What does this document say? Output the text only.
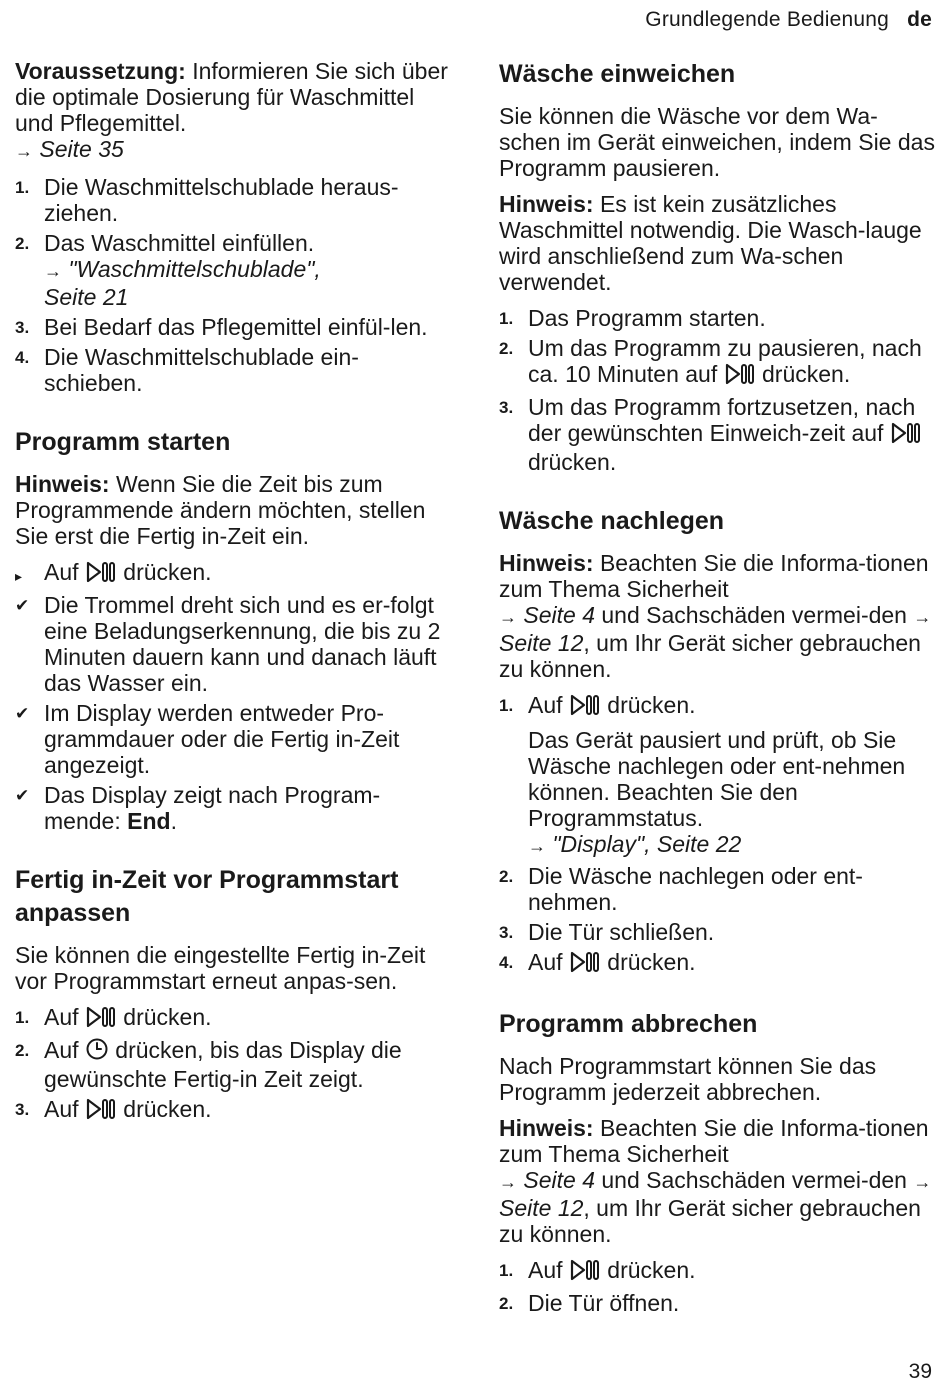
Grundlegende Bedienung de

Voraussetzung: Informieren Sie sich über die optimale Dosierung für Waschmittel und Pflegemittel.
→ Seite 35

1. Die Waschmittelschublade heraus-ziehen.
2. Das Waschmittel einfüllen.
→ "Waschmittelschublade",
Seite 21
3. Bei Bedarf das Pflegemittel einfül-len.
4. Die Waschmittelschublade ein-schieben.
Programm starten

Hinweis: Wenn Sie die Zeit bis zum Programmende ändern möchten, stellen Sie erst die Fertig in-Zeit ein.

▸ Auf  drücken.
✔ Die Trommel dreht sich und es er-folgt eine Beladungserkennung, die bis zu 2 Minuten dauern kann und danach läuft das Wasser ein.
✔ Im Display werden entweder Pro-grammdauer oder die Fertig in-Zeit angezeigt.
✔ Das Display zeigt nach Program-mende: End.
Fertig in-Zeit vor Programmstart anpassen

Sie können die eingestellte Fertig in-Zeit vor Programmstart erneut anpas-sen.

1. Auf  drücken.
2. Auf  drücken, bis das Display die gewünschte Fertig-in Zeit zeigt.
3. Auf  drücken.
Wäsche einweichen

Sie können die Wäsche vor dem Wa-schen im Gerät einweichen, indem Sie das Programm pausieren.

Hinweis: Es ist kein zusätzliches Waschmittel notwendig. Die Wasch-lauge wird anschließend zum Wa-schen verwendet.

1. Das Programm starten.
2. Um das Programm zu pausieren, nach ca. 10 Minuten auf  drücken.
3. Um das Programm fortzusetzen, nach der gewünschten Einweich-zeit auf  drücken.
Wäsche nachlegen

Hinweis: Beachten Sie die Informa-tionen zum Thema Sicherheit
→ Seite 4 und Sachschäden vermei-den → Seite 12, um Ihr Gerät sicher gebrauchen zu können.

1. Auf  drücken.
Das Gerät pausiert und prüft, ob Sie Wäsche nachlegen oder ent-nehmen können. Beachten Sie den Programmstatus.
→ "Display", Seite 22
2. Die Wäsche nachlegen oder ent-nehmen.
3. Die Tür schließen.
4. Auf  drücken.
Programm abbrechen

Nach Programmstart können Sie das Programm jederzeit abbrechen.

Hinweis: Beachten Sie die Informa-tionen zum Thema Sicherheit
→ Seite 4 und Sachschäden vermei-den → Seite 12, um Ihr Gerät sicher gebrauchen zu können.

1. Auf  drücken.
2. Die Tür öffnen.
39
